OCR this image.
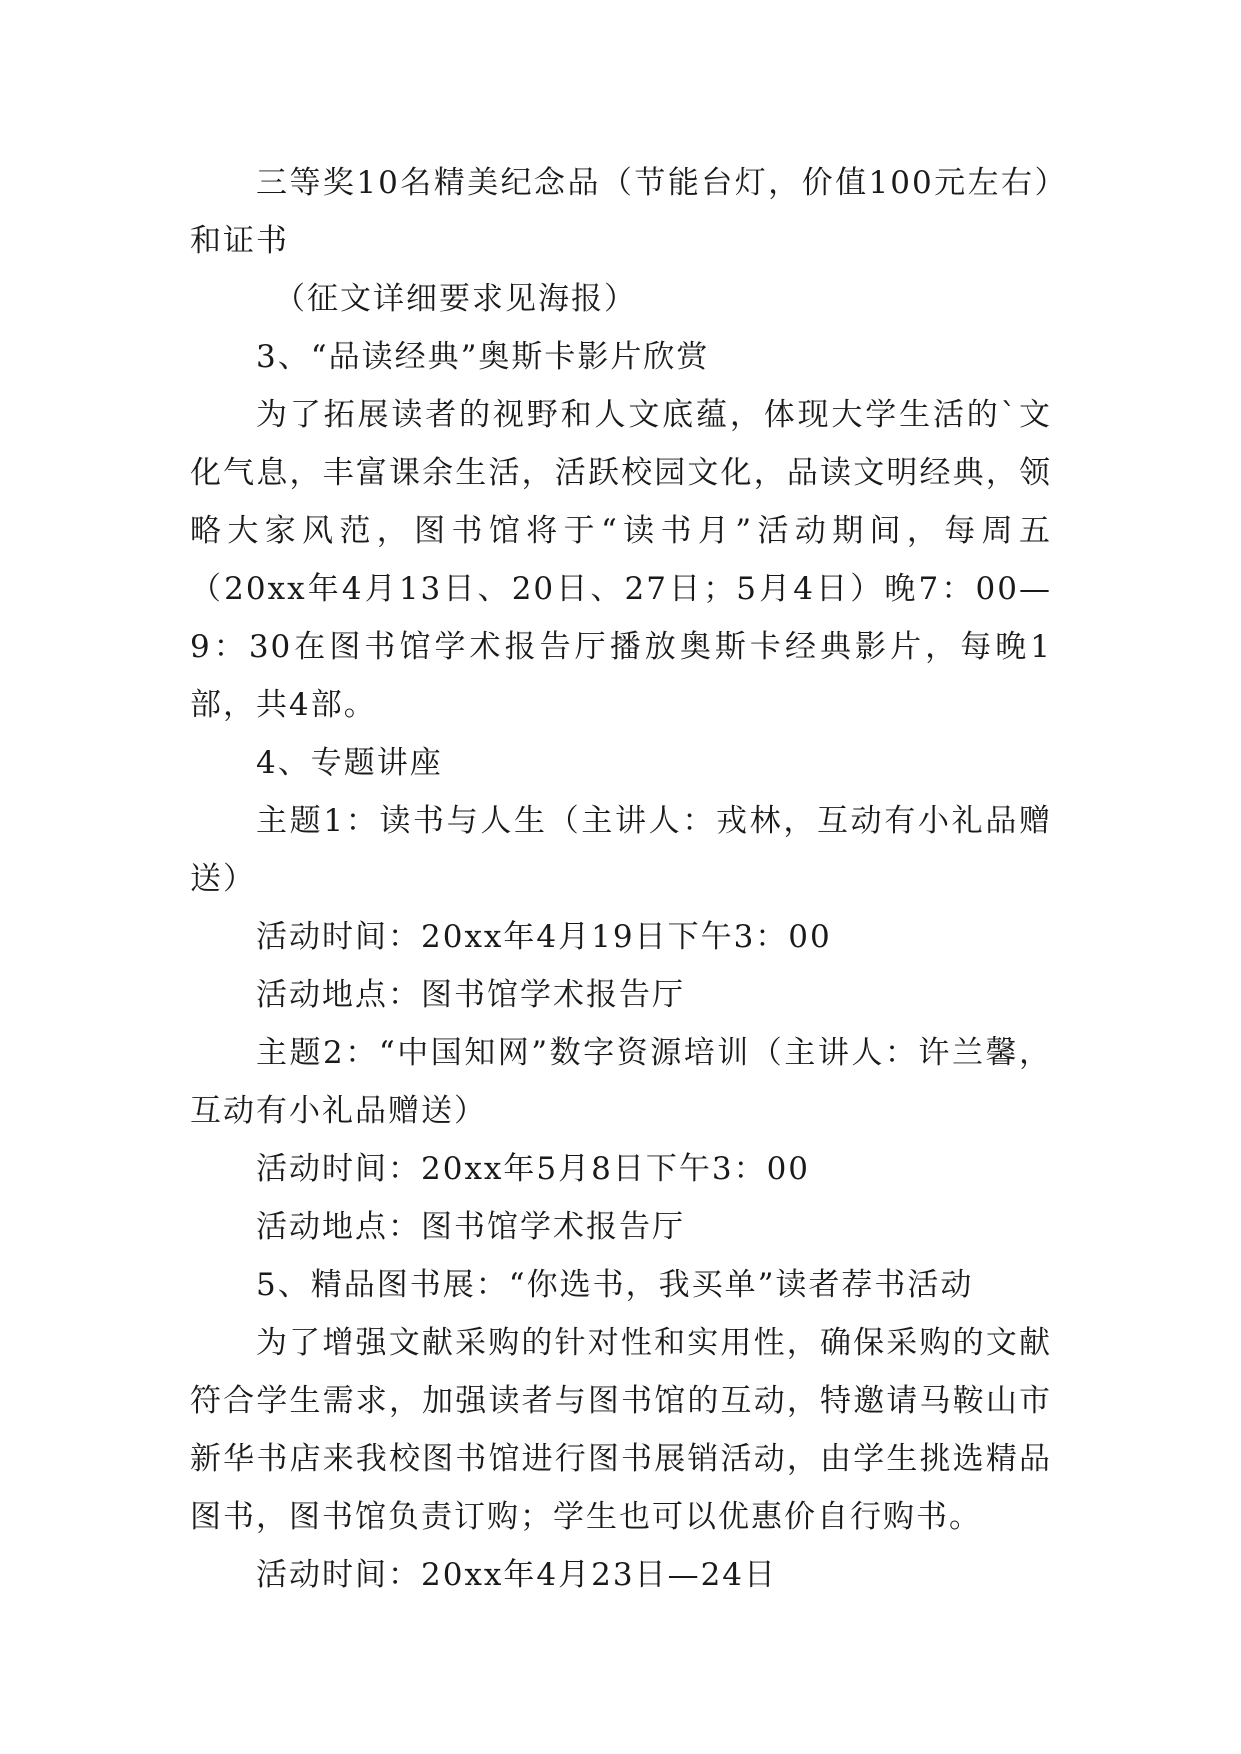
三等奖10名精美纪念品（节能台灯，价值100元左右）和证书

（征文详细要求见海报）

3、“品读经典”奥斯卡影片欣赏

为了拓展读者的视野和人文底蕴，体现大学生活的`文化气息，丰富课余生活，活跃校园文化，品读文明经典，领略大家风范，图书馆将于“读书月”活动期间，每周五（20xx年4月13日、20日、27日；5月4日）晚7：00—9：30在图书馆学术报告厅播放奥斯卡经典影片，每晚1部，共4部。

4、专题讲座

主题1：读书与人生（主讲人：戎林，互动有小礼品赠送）

活动时间：20xx年4月19日下午3：00

活动地点：图书馆学术报告厅

主题2：“中国知网”数字资源培训（主讲人：许兰馨，互动有小礼品赠送）

活动时间：20xx年5月8日下午3：00

活动地点：图书馆学术报告厅

5、精品图书展：“你选书，我买单”读者荐书活动

为了增强文献采购的针对性和实用性，确保采购的文献符合学生需求，加强读者与图书馆的互动，特邀请马鞍山市新华书店来我校图书馆进行图书展销活动，由学生挑选精品图书，图书馆负责订购；学生也可以优惠价自行购书。

活动时间：20xx年4月23日—24日
